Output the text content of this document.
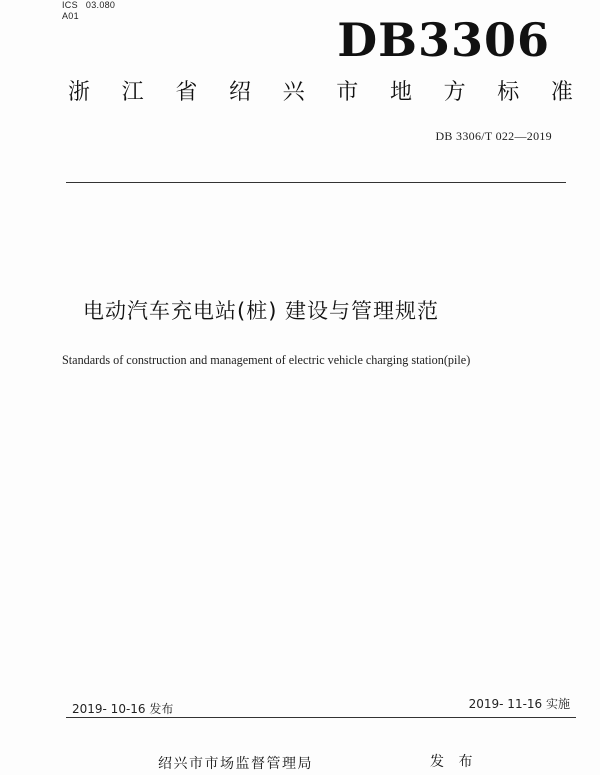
ICS 03.080
A01	DB3306
浙 江 省 绍 兴 市 地 方 标 准
DB 3306/T 022—2019
电动汽车充电站(桩) 建设与管理规范
Standards of construction and management of electric vehicle charging station(pile)
2019- 10-16 发布	2019- 11-16 实施
绍兴市市场监督管理局	发 布
